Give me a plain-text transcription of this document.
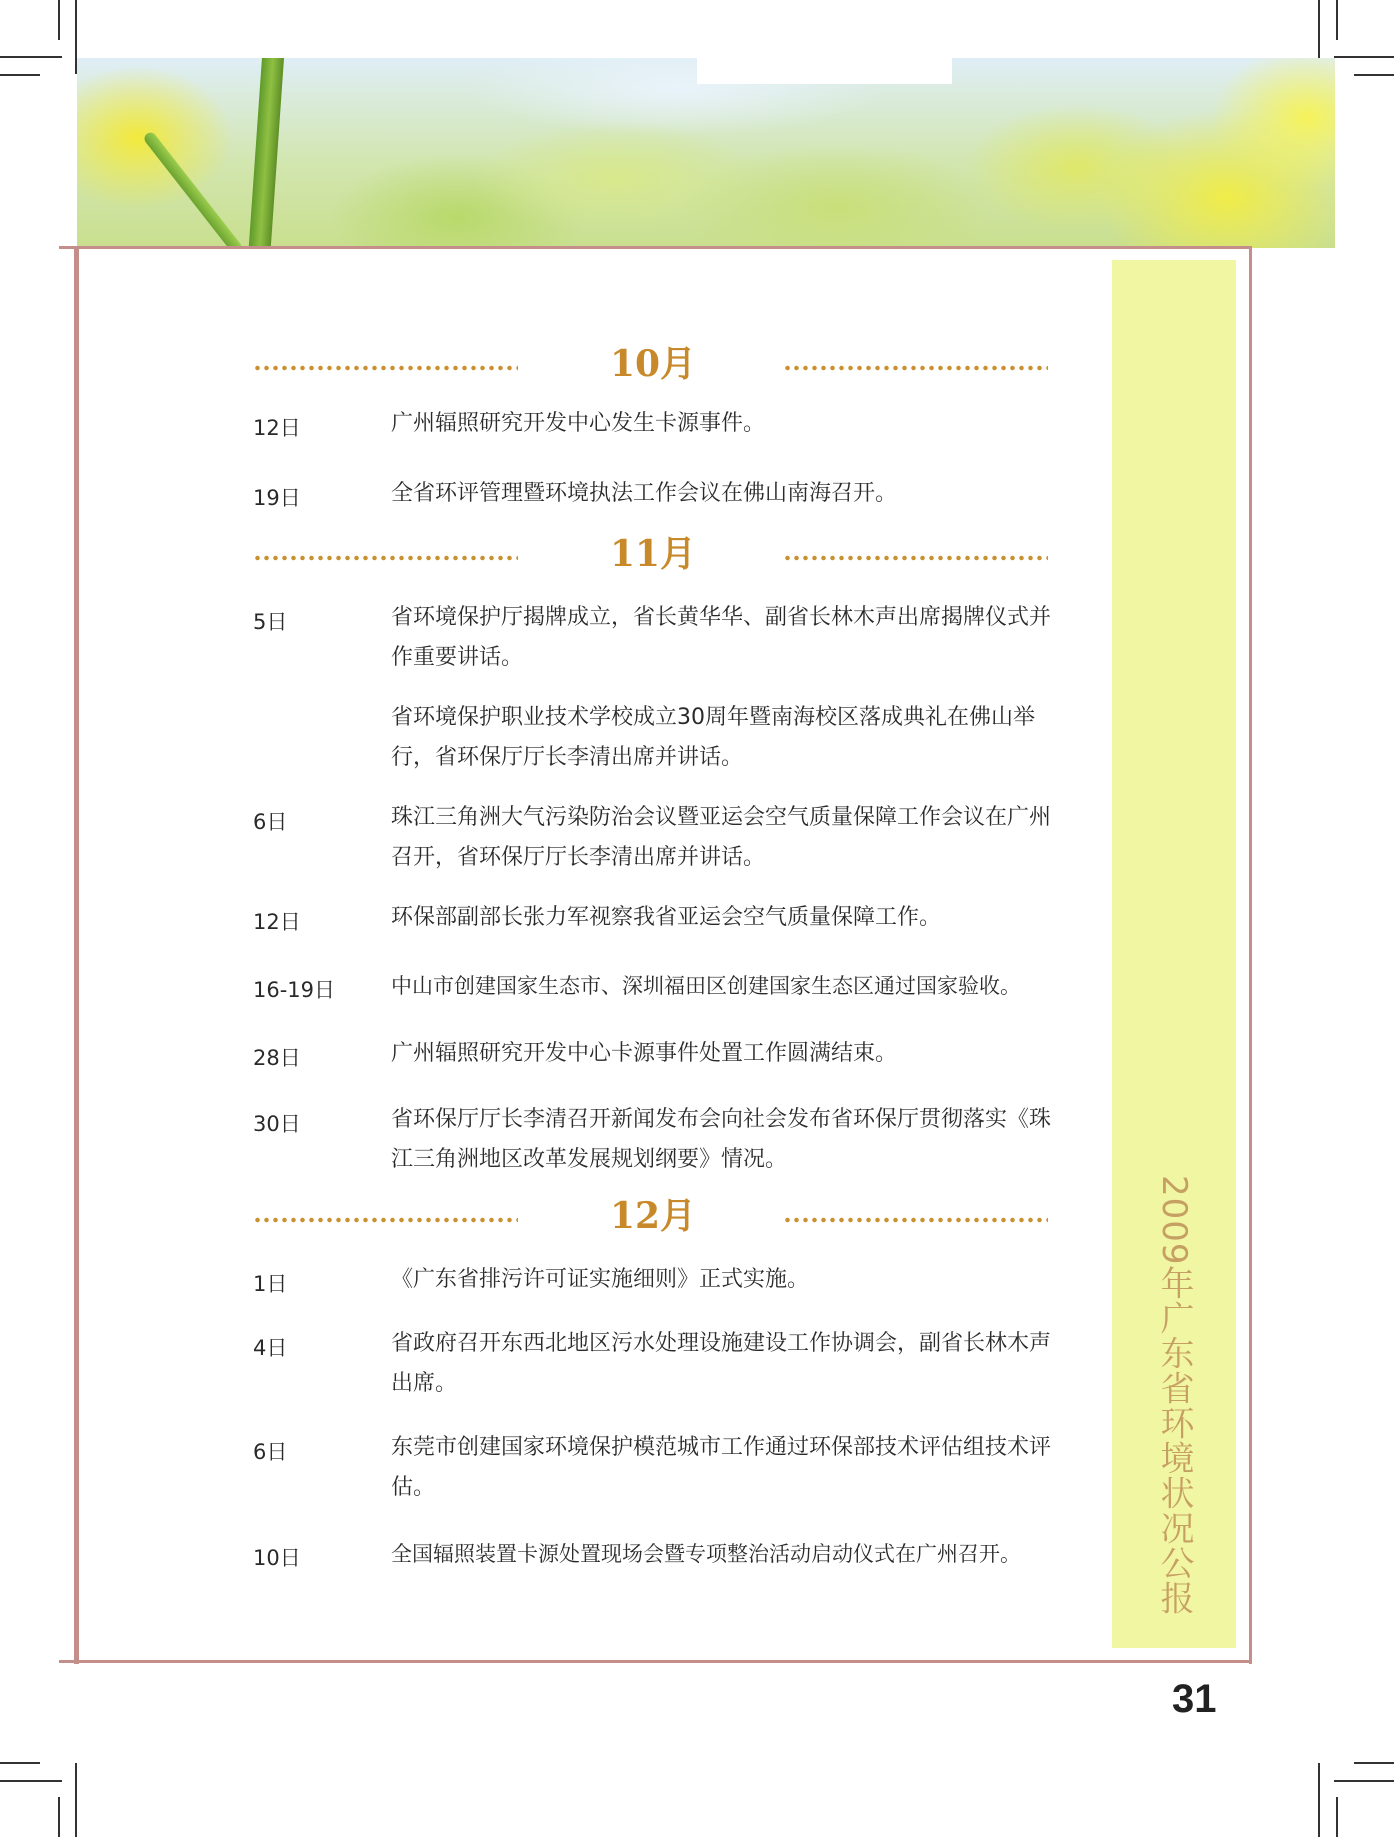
2009年广东省环境状况公报
10月
12日	广州辐照研究开发中心发生卡源事件。
19日	全省环评管理暨环境执法工作会议在佛山南海召开。
11月
5日	省环境保护厅揭牌成立，省长黄华华、副省长林木声出席揭牌仪式并作重要讲话。
省环境保护职业技术学校成立30周年暨南海校区落成典礼在佛山举行，省环保厅厅长李清出席并讲话。
6日	珠江三角洲大气污染防治会议暨亚运会空气质量保障工作会议在广州召开，省环保厅厅长李清出席并讲话。
12日	环保部副部长张力军视察我省亚运会空气质量保障工作。
16-19日	中山市创建国家生态市、深圳福田区创建国家生态区通过国家验收。
28日	广州辐照研究开发中心卡源事件处置工作圆满结束。
30日	省环保厅厅长李清召开新闻发布会向社会发布省环保厅贯彻落实《珠江三角洲地区改革发展规划纲要》情况。
12月
1日	《广东省排污许可证实施细则》正式实施。
4日	省政府召开东西北地区污水处理设施建设工作协调会，副省长林木声出席。
6日	东莞市创建国家环境保护模范城市工作通过环保部技术评估组技术评估。
10日	全国辐照装置卡源处置现场会暨专项整治活动启动仪式在广州召开。
31
